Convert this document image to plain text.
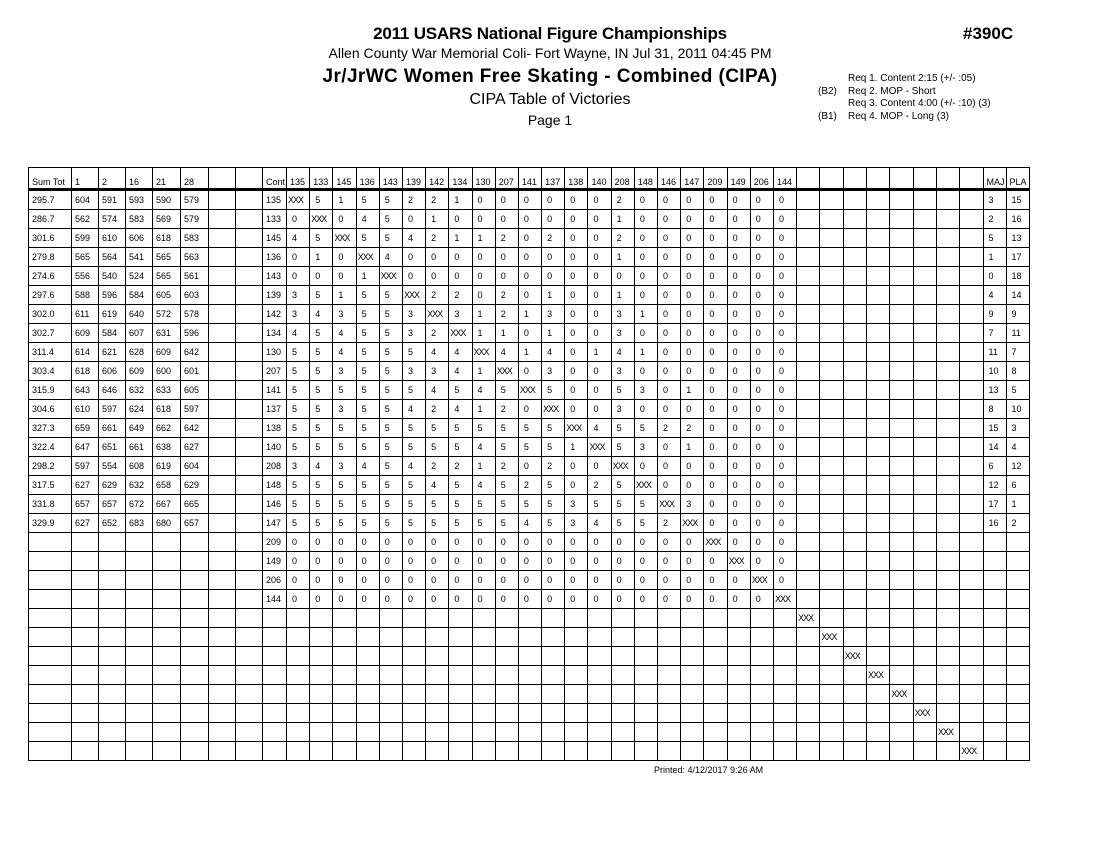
2011 USARS National Figure Championships
Allen County War Memorial Coli- Fort Wayne, IN Jul 31, 2011 04:45 PM
Jr/JrWC Women Free Skating - Combined (CIPA)
CIPA Table of Victories
Page 1
#390C
Req 1. Content 2:15 (+/- :05)
(B2)	Req 2. MOP - Short
Req 3. Content 4:00 (+/- :10) (3)
(B1)	Req 4. MOP - Long (3)
Sum Tot	1	2	16	21	28			Cont	135	133	145	136	143	139	142	134	130	207	141	137	138	140	208	148	146	147	209	149	206	144									MAJ	PLA
295.7	604	591	593	590	579			135	XXX	5	1	5	5	2	2	1	0	0	0	0	0	0	2	0	0	0	0	0	0	0									3	15
286.7	562	574	583	569	579			133	0	XXX	0	4	5	0	1	0	0	0	0	0	0	0	1	0	0	0	0	0	0	0									2	16
301.6	599	610	606	618	583			145	4	5	XXX	5	5	4	2	1	1	2	0	2	0	0	2	0	0	0	0	0	0	0									5	13
279.8	565	564	541	565	563			136	0	1	0	XXX	4	0	0	0	0	0	0	0	0	0	1	0	0	0	0	0	0	0									1	17
274.6	556	540	524	565	561			143	0	0	0	1	XXX	0	0	0	0	0	0	0	0	0	0	0	0	0	0	0	0	0									0	18
297.6	588	596	584	605	603			139	3	5	1	5	5	XXX	2	2	0	2	0	1	0	0	1	0	0	0	0	0	0	0									4	14
302.0	611	619	640	572	578			142	3	4	3	5	5	3	XXX	3	1	2	1	3	0	0	3	1	0	0	0	0	0	0									9	9
302.7	609	584	607	631	596			134	4	5	4	5	5	3	2	XXX	1	1	0	1	0	0	3	0	0	0	0	0	0	0									7	11
311.4	614	621	628	609	642			130	5	5	4	5	5	5	4	4	XXX	4	1	4	0	1	4	1	0	0	0	0	0	0									11	7
303.4	618	606	609	600	601			207	5	5	3	5	5	3	3	4	1	XXX	0	3	0	0	3	0	0	0	0	0	0	0									10	8
315.9	643	646	632	633	605			141	5	5	5	5	5	5	4	5	4	5	XXX	5	0	0	5	3	0	1	0	0	0	0									13	5
304.6	610	597	624	618	597			137	5	5	3	5	5	4	2	4	1	2	0	XXX	0	0	3	0	0	0	0	0	0	0									8	10
327.3	659	661	649	662	642			138	5	5	5	5	5	5	5	5	5	5	5	5	XXX	4	5	5	2	2	0	0	0	0									15	3
322.4	647	651	661	638	627			140	5	5	5	5	5	5	5	5	4	5	5	5	1	XXX	5	3	0	1	0	0	0	0									14	4
298.2	597	554	608	619	604			208	3	4	3	4	5	4	2	2	1	2	0	2	0	0	XXX	0	0	0	0	0	0	0									6	12
317.5	627	629	632	658	629			148	5	5	5	5	5	5	4	5	4	5	2	5	0	2	5	XXX	0	0	0	0	0	0									12	6
331.8	657	657	672	667	665			146	5	5	5	5	5	5	5	5	5	5	5	5	3	5	5	5	XXX	3	0	0	0	0									17	1
329.9	627	652	683	680	657			147	5	5	5	5	5	5	5	5	5	5	4	5	3	4	5	5	2	XXX	0	0	0	0									16	2
								209	0	0	0	0	0	0	0	0	0	0	0	0	0	0	0	0	0	0	XXX	0	0	0										
								149	0	0	0	0	0	0	0	0	0	0	0	0	0	0	0	0	0	0	0	XXX	0	0										
								206	0	0	0	0	0	0	0	0	0	0	0	0	0	0	0	0	0	0	0	0	XXX	0										
								144	0	0	0	0	0	0	0	0	0	0	0	0	0	0	0	0	0	0	0	0	0	XXX										
																															XXX									
																																XXX								
																																	XXX							
																																		XXX						
																																			XXX					
																																				XXX				
																																					XXX			
																																						XXX		
Printed: 4/12/2017 9:26 AM
